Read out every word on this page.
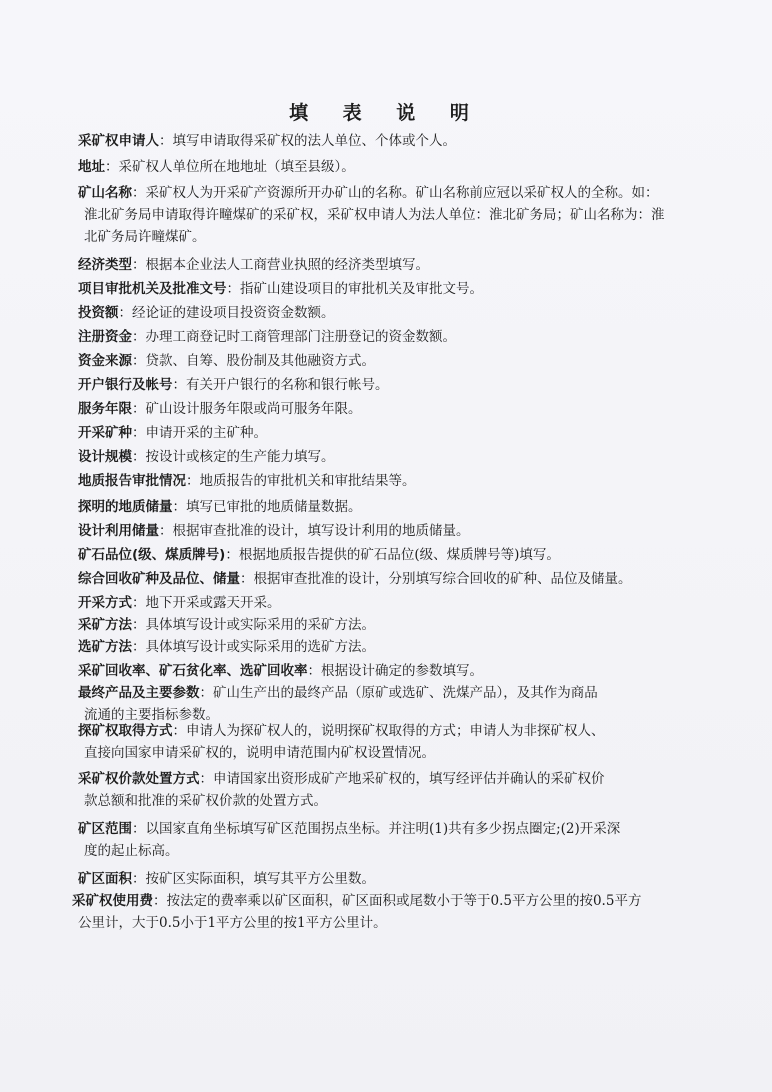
填 表 说 明
采矿权申请人：填写申请取得采矿权的法人单位、个体或个人。
地址：采矿权人单位所在地地址（填至县级）。
矿山名称：采矿权人为开采矿产资源所开办矿山的名称。矿山名称前应冠以采矿权人的全称。如：
淮北矿务局申请取得许疃煤矿的采矿权，采矿权申请人为法人单位：淮北矿务局；矿山名称为：淮
北矿务局许疃煤矿。
经济类型：根据本企业法人工商营业执照的经济类型填写。
项目审批机关及批准文号：指矿山建设项目的审批机关及审批文号。
投资额：经论证的建设项目投资资金数额。
注册资金：办理工商登记时工商管理部门注册登记的资金数额。
资金来源：贷款、自筹、股份制及其他融资方式。
开户银行及帐号：有关开户银行的名称和银行帐号。
服务年限：矿山设计服务年限或尚可服务年限。
开采矿种：申请开采的主矿种。
设计规模：按设计或核定的生产能力填写。
地质报告审批情况：地质报告的审批机关和审批结果等。
探明的地质储量：填写已审批的地质储量数据。
设计利用储量：根据审查批准的设计，填写设计利用的地质储量。
矿石品位(级、煤质牌号)：根据地质报告提供的矿石品位(级、煤质牌号等)填写。
综合回收矿种及品位、储量：根据审查批准的设计，分别填写综合回收的矿种、品位及储量。
开采方式：地下开采或露天开采。
采矿方法：具体填写设计或实际采用的采矿方法。
选矿方法：具体填写设计或实际采用的选矿方法。
采矿回收率、矿石贫化率、选矿回收率：根据设计确定的参数填写。
最终产品及主要参数：矿山生产出的最终产品（原矿或选矿、洗煤产品），及其作为商品
流通的主要指标参数。
探矿权取得方式：申请人为探矿权人的，说明探矿权取得的方式；申请人为非探矿权人、
直接向国家申请采矿权的，说明申请范围内矿权设置情况。
采矿权价款处置方式：申请国家出资形成矿产地采矿权的，填写经评估并确认的采矿权价
款总额和批准的采矿权价款的处置方式。
矿区范围：以国家直角坐标填写矿区范围拐点坐标。并注明(1)共有多少拐点圈定;(2)开采深
度的起止标高。
矿区面积：按矿区实际面积，填写其平方公里数。
采矿权使用费：按法定的费率乘以矿区面积，矿区面积或尾数小于等于0.5平方公里的按0.5平方
公里计，大于0.5小于1平方公里的按1平方公里计。
